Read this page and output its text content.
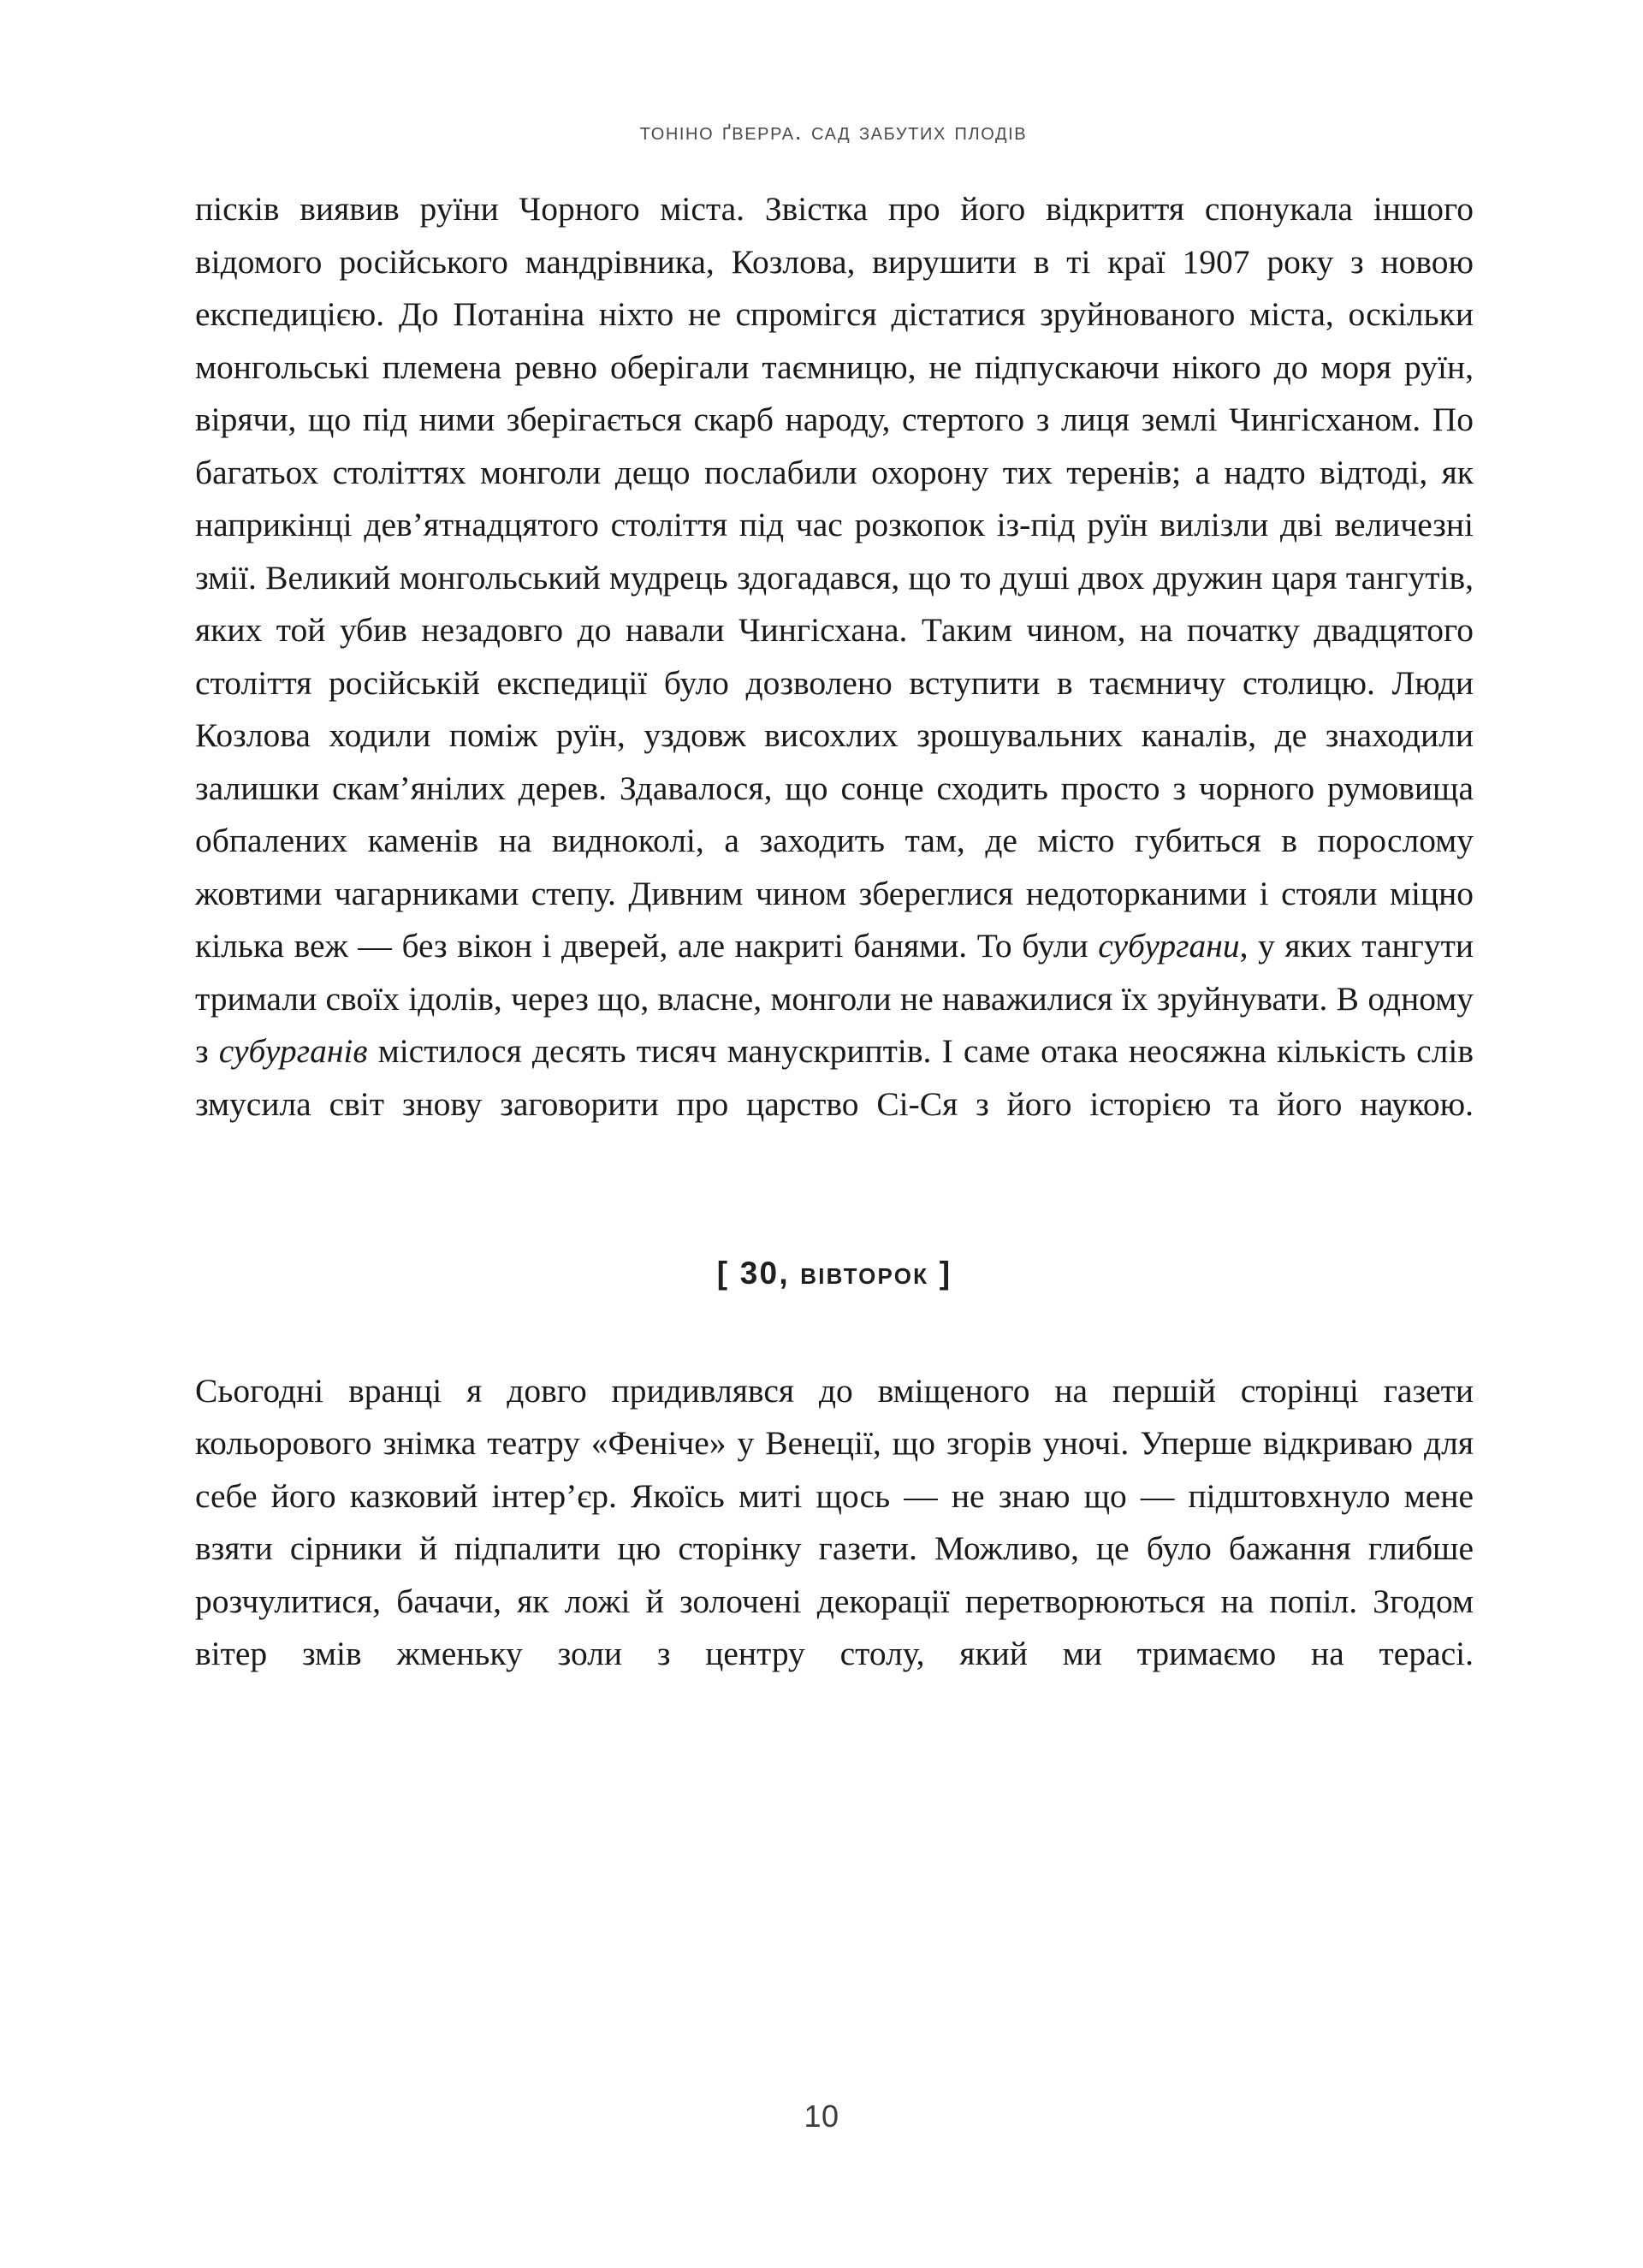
тоніно ґверра. сад забутих плодів

пісків виявив руїни Чорного міста. Звістка про його відкриття спонукала іншого відомого російського мандрівника, Козлова, вирушити в ті краї 1907 року з новою експедицією. До Потаніна ніхто не спромігся дістатися зруйнованого міста, оскільки монгольські племена ревно оберігали таємницю, не підпускаючи нікого до моря руїн, вірячи, що під ними зберігається скарб народу, стертого з лиця землі Чингісханом. По багатьох століттях монголи дещо послабили охорону тих теренів; а надто відтоді, як наприкінці дев’ятнадцятого століття під час розкопок із-під руїн вилізли дві величезні змії. Великий монгольський мудрець здогадався, що то душі двох дружин царя тангутів, яких той убив незадовго до навали Чингісхана. Таким чином, на початку двадцятого століття російській експедиції було дозволено вступити в таємничу столицю. Люди Козлова ходили поміж руїн, уздовж висохлих зрошувальних каналів, де знаходили залишки скам’янілих дерев. Здавалося, що сонце сходить просто з чорного румовища обпалених каменів на виднoколі, а заходить там, де місто губиться в порослому жовтими чагарниками степу. Дивним чином збереглися недоторканими і стояли міцно кілька веж — без вікон і дверей, але накриті банями. То були субургани, у яких тангути тримали своїх ідолів, через що, власне, монголи не наважилися їх зруйнувати. В одному з субурганів містилося десять тисяч манускриптів. І саме отака неосяжна кількість слів змусила світ знову заговорити про царство Сі-Ся з його історією та його наукою.

[ 30, вівторок ]

Сьогодні вранці я довго придивлявся до вміщеного на першій сторінці газети кольорового знімка театру «Феніче» у Венеції, що згорів уночі. Уперше відкриваю для себе його казковий інтер’єр. Якоїсь миті щось — не знаю що — підштовхнуло мене взяти сірники й підпалити цю сторінку газети. Можливо, це було бажання глибше розчулитися, бачачи, як ложі й золочені декорації перетворюються на попіл. Згодом вітер змів жменьку золи з центру столу, який ми тримаємо на терасі.

10
